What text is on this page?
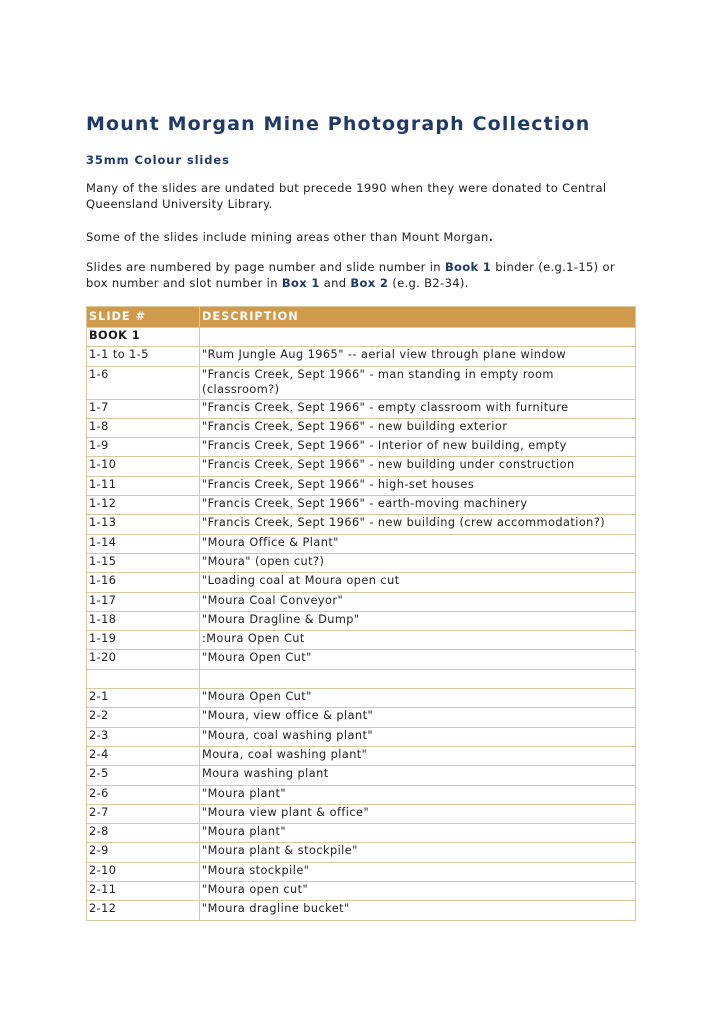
Mount Morgan Mine Photograph Collection
35mm Colour slides

Many of the slides are undated but precede 1990 when they were donated to Central Queensland University Library.

Some of the slides include mining areas other than Mount Morgan.

Slides are numbered by page number and slide number in Book 1 binder (e.g.1-15) or box number and slot number in Box 1 and Box 2 (e.g. B2-34).

SLIDE #	DESCRIPTION
BOOK 1	
1-1 to 1-5	"Rum Jungle Aug 1965" -- aerial view through plane window
1-6	"Francis Creek, Sept 1966" - man standing in empty room (classroom?)
1-7	"Francis Creek, Sept 1966" - empty classroom with furniture
1-8	"Francis Creek, Sept 1966" - new building exterior
1-9	"Francis Creek, Sept 1966" - Interior of new building, empty
1-10	"Francis Creek, Sept 1966" - new building under construction
1-11	"Francis Creek, Sept 1966" - high-set houses
1-12	"Francis Creek, Sept 1966" - earth-moving machinery
1-13	"Francis Creek, Sept 1966" - new building (crew accommodation?)
1-14	"Moura Office & Plant"
1-15	"Moura" (open cut?)
1-16	"Loading coal at Moura open cut
1-17	"Moura Coal Conveyor"
1-18	"Moura Dragline & Dump"
1-19	:Moura Open Cut
1-20	"Moura Open Cut"

2-1	"Moura Open Cut"
2-2	"Moura, view office & plant"
2-3	"Moura, coal washing plant"
2-4	Moura, coal washing plant"
2-5	Moura washing plant
2-6	"Moura plant"
2-7	"Moura view plant & office"
2-8	"Moura plant"
2-9	"Moura plant & stockpile"
2-10	"Moura stockpile"
2-11	"Moura open cut"
2-12	"Moura dragline bucket"
